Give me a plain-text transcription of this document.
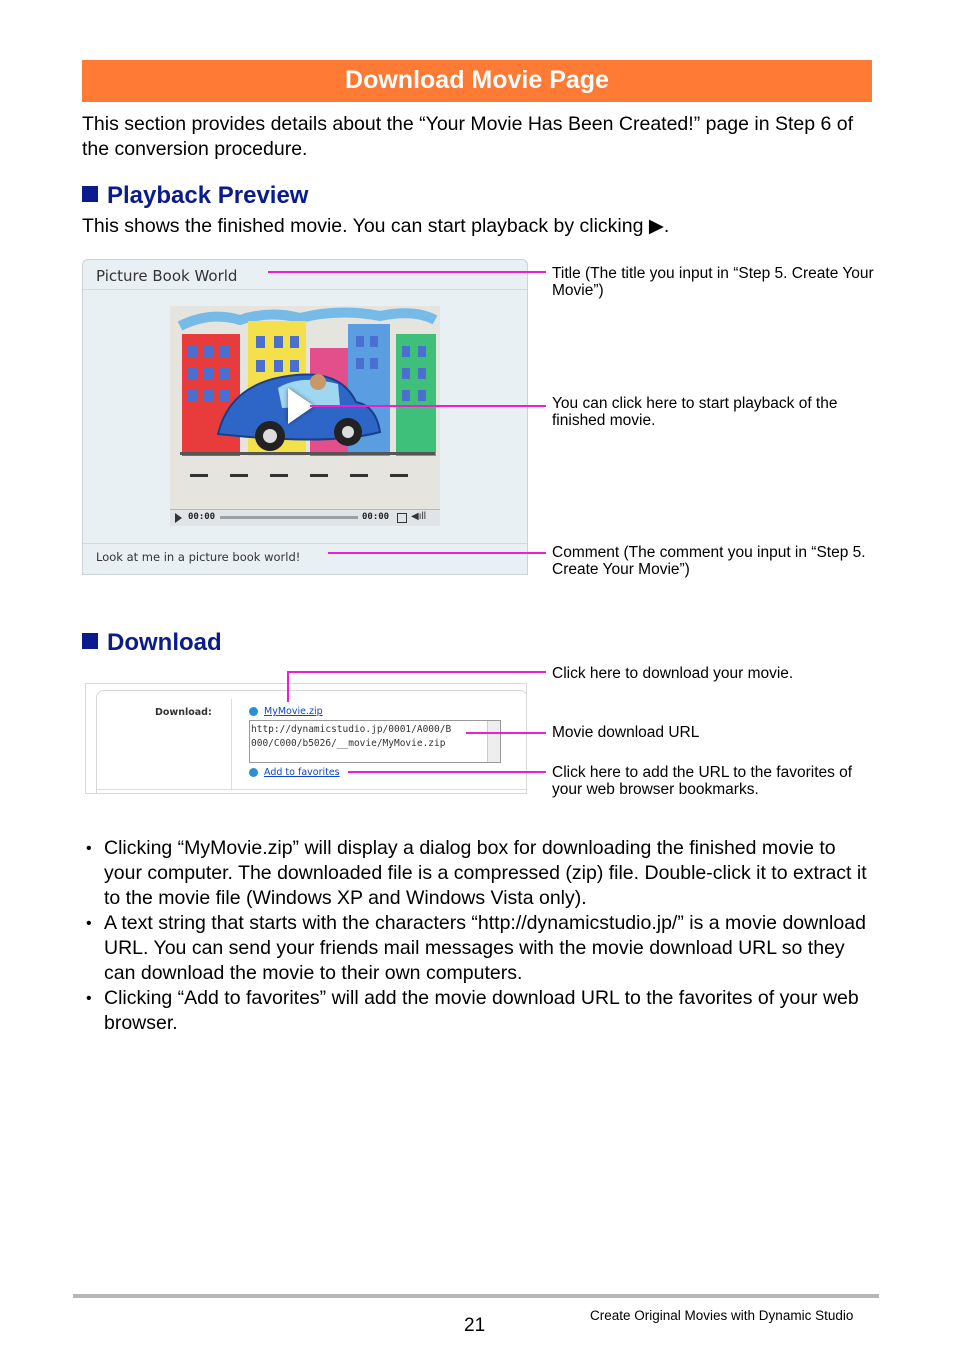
Download Movie Page
This section provides details about the “Your Movie Has Been Created!” page in Step 6 of the conversion procedure.
Playback Preview
This shows the finished movie. You can start playback by clicking ▶.
Picture Book World
00:00	00:00 ◀ıll
Look at me in a picture book world!
Title (The title you input in “Step 5. Create Your Movie”)
You can click here to start playback of the finished movie.
Comment (The comment you input in “Step 5. Create Your Movie”)
Download
Download:	MyMovie.zip
http://dynamicstudio.jp/0001/A000/B
000/C000/b5026/__movie/MyMovie.zip
Add to favorites
Click here to download your movie.
Movie download URL
Click here to add the URL to the favorites of your web browser bookmarks.
• Clicking “MyMovie.zip” will display a dialog box for downloading the finished movie to your computer. The downloaded file is a compressed (zip) file. Double-click it to extract it to the movie file (Windows XP and Windows Vista only).
• A text string that starts with the characters “http://dynamicstudio.jp/” is a movie download URL. You can send your friends mail messages with the movie download URL so they can download the movie to their own computers.
• Clicking “Add to favorites” will add the movie download URL to the favorites of your web browser.
21	Create Original Movies with Dynamic Studio
